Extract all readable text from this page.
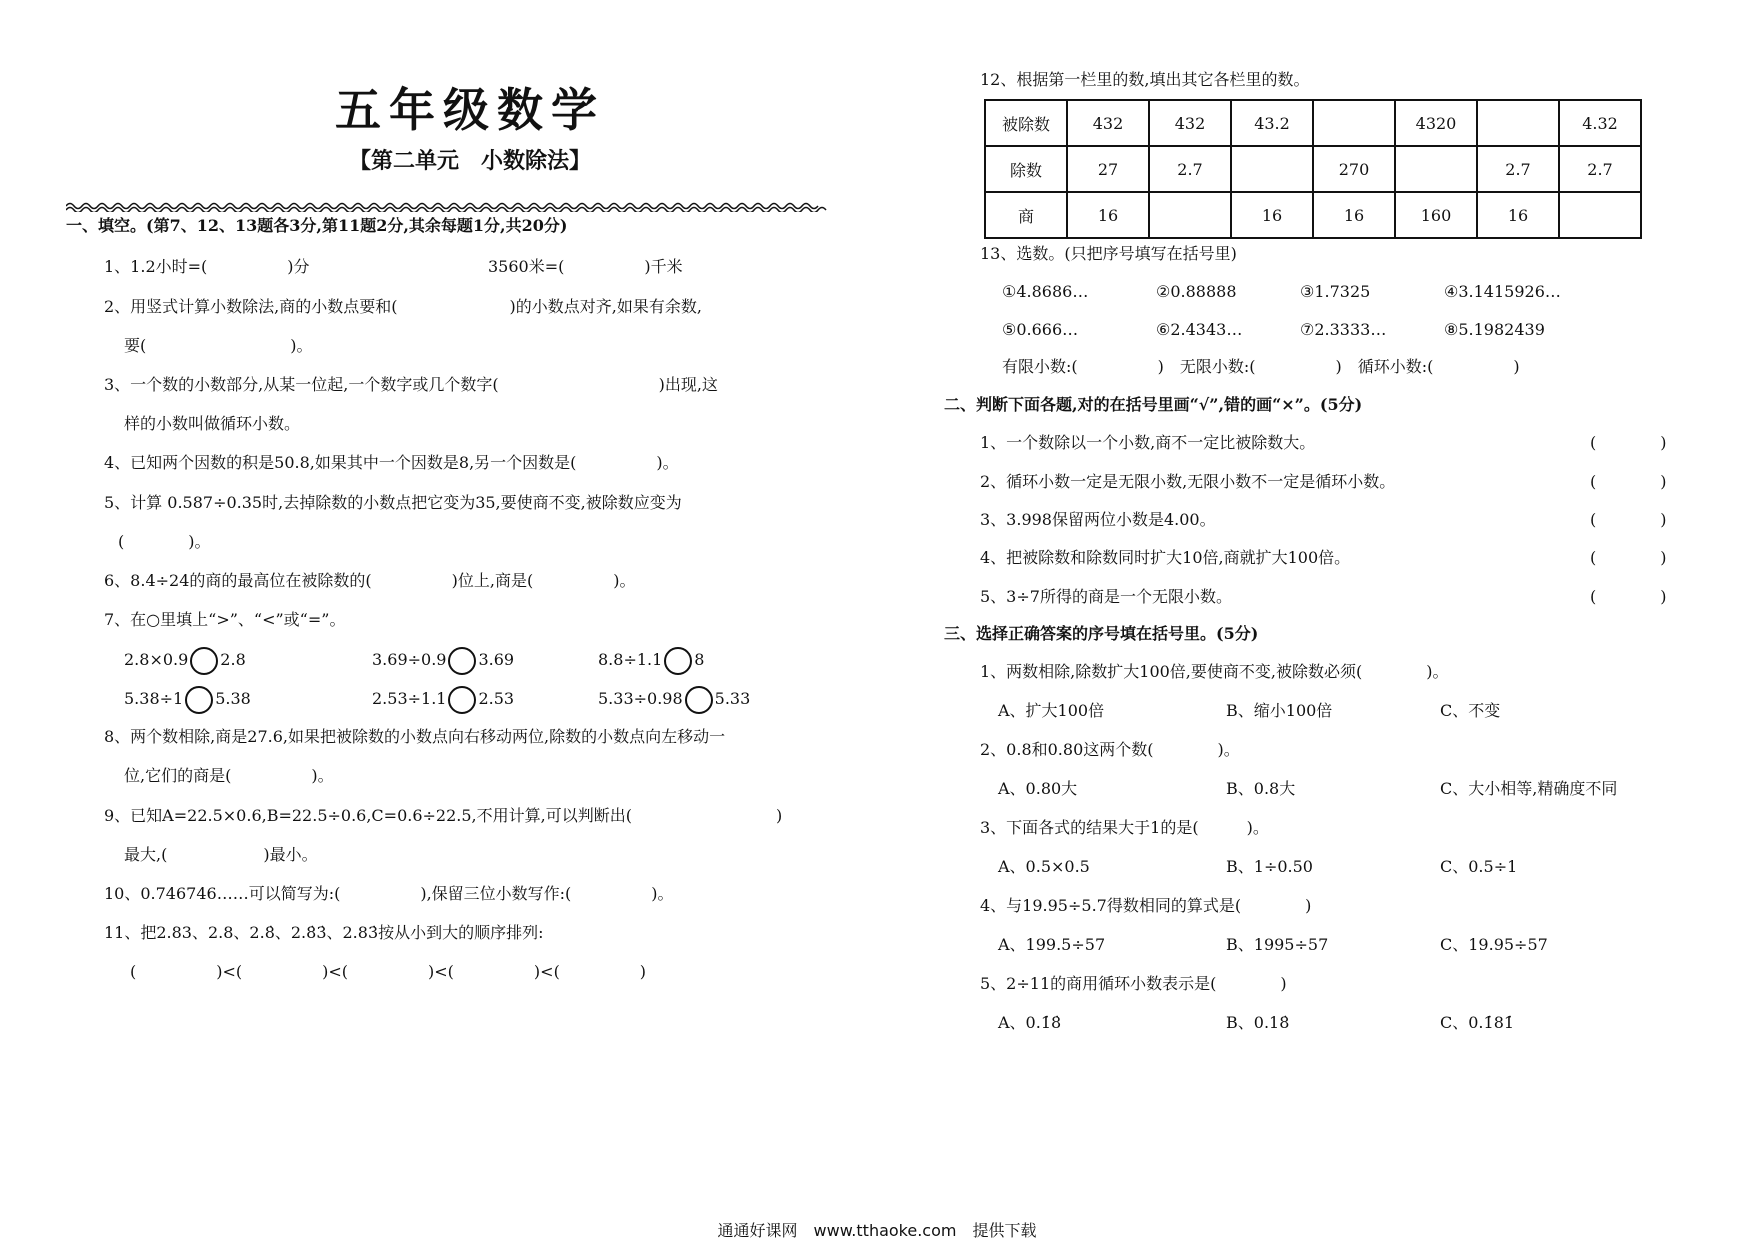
五年级数学
【第二单元　小数除法】
一、填空。(第7、12、13题各3分,第11题2分,其余每题1分,共20分)
1、1.2小时=(　　　　　)分	3560米=(　　　　　)千米
2、用竖式计算小数除法,商的小数点要和(　　　　　　　)的小数点对齐,如果有余数,
要(　　　　　　　　　)。
3、一个数的小数部分,从某一位起,一个数字或几个数字(　　　　　　　　　　)出现,这
样的小数叫做循环小数。
4、已知两个因数的积是50.8,如果其中一个因数是8,另一个因数是(　　　　　)。
5、计算 0.587÷0.35时,去掉除数的小数点把它变为35,要使商不变,被除数应变为
(　　　　)。
6、8.4÷24的商的最高位在被除数的(　　　　　)位上,商是(　　　　　)。
7、在○里填上“>”、“<”或“=”。
2.8×0.9 2.8	3.69÷0.9 3.69	8.8÷1.1 8
5.38÷1 5.38	2.53÷1.1 2.53	5.33÷0.98 5.33
8、两个数相除,商是27.6,如果把被除数的小数点向右移动两位,除数的小数点向左移动一
位,它们的商是(　　　　　)。
9、已知A=22.5×0.6,B=22.5÷0.6,C=0.6÷22.5,不用计算,可以判断出(　　　　　　　　　)
最大,(　　　　　　)最小。
10、0.746746……可以简写为:(　　　　　),保留三位小数写作:(　　　　　)。
11、把2.83、2.8、2.8̇、2.8̇3̇、2.83̇按从小到大的顺序排列:
(　　　　　)<(　　　　　)<(　　　　　)<(　　　　　)<(　　　　　)
12、根据第一栏里的数,填出其它各栏里的数。
被除数	432	432	43.2		4320		4.32
除数	27	2.7		270		2.7	2.7
商	16		16	16	160	16	
13、选数。(只把序号填写在括号里)
①4.8686…	②0.88888	③1.7325	④3.1415926…
⑤0.666…	⑥2.4343…	⑦2.3333…	⑧5.1982439
有限小数:(　　　　　)　无限小数:(　　　　　)　循环小数:(　　　　　)
二、判断下面各题,对的在括号里画“√”,错的画“×”。(5分)
1、一个数除以一个小数,商不一定比被除数大。	(　　　　)
2、循环小数一定是无限小数,无限小数不一定是循环小数。	(　　　　)
3、3.998保留两位小数是4.00。	(　　　　)
4、把被除数和除数同时扩大10倍,商就扩大100倍。	(　　　　)
5、3÷7所得的商是一个无限小数。	(　　　　)
三、选择正确答案的序号填在括号里。(5分)
1、两数相除,除数扩大100倍,要使商不变,被除数必须(　　　　)。
A、扩大100倍	B、缩小100倍	C、不变
2、0.8和0.80这两个数(　　　　)。
A、0.80大	B、0.8大	C、大小相等,精确度不同
3、下面各式的结果大于1的是(　　　)。
A、0.5×0.5	B、1÷0.50	C、0.5÷1
4、与19.95÷5.7得数相同的算式是(　　　　)
A、199.5÷57	B、1995÷57	C、19.95÷57
5、2÷11的商用循环小数表示是(　　　　)
A、0.1̇8̇	B、0.18̇	C、0.1̇81̇
通通好课网　www.tthaoke.com　提供下载
